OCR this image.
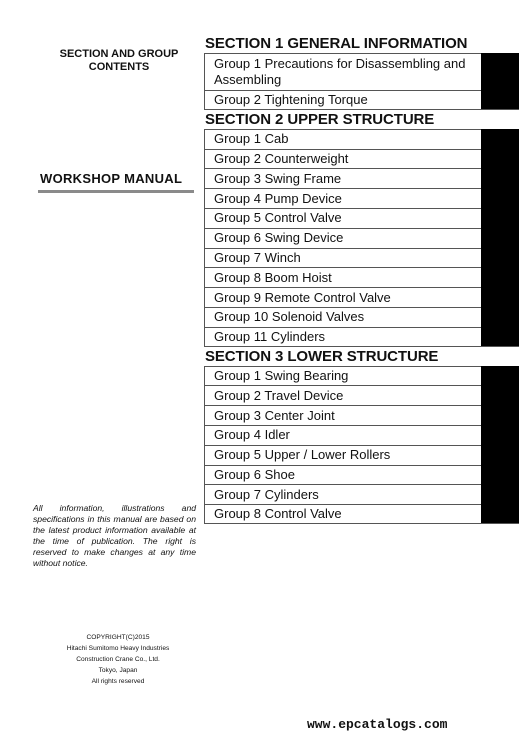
SECTION AND GROUP
CONTENTS
WORKSHOP MANUAL
All information, illustrations and specifications in this manual are based on the latest product information available at the time of publication. The right is reserved to make changes at any time without notice.
COPYRIGHT(C)2015
Hitachi Sumitomo Heavy Industries
Construction Crane Co., Ltd.
Tokyo, Japan
All rights reserved
SECTION 1 GENERAL INFORMATION
Group 1 Precautions for Disassembling and Assembling
Group 2 Tightening Torque
SECTION 2 UPPER STRUCTURE
Group 1 Cab
Group 2 Counterweight
Group 3 Swing Frame
Group 4 Pump Device
Group 5 Control Valve
Group 6 Swing Device
Group 7 Winch
Group 8 Boom Hoist
Group 9 Remote Control Valve
Group 10 Solenoid Valves
Group 11 Cylinders
SECTION 3 LOWER STRUCTURE
Group 1 Swing Bearing
Group 2 Travel Device
Group 3 Center Joint
Group 4 Idler
Group 5 Upper / Lower Rollers
Group 6 Shoe
Group 7 Cylinders
Group 8 Control Valve
www.epcatalogs.com
